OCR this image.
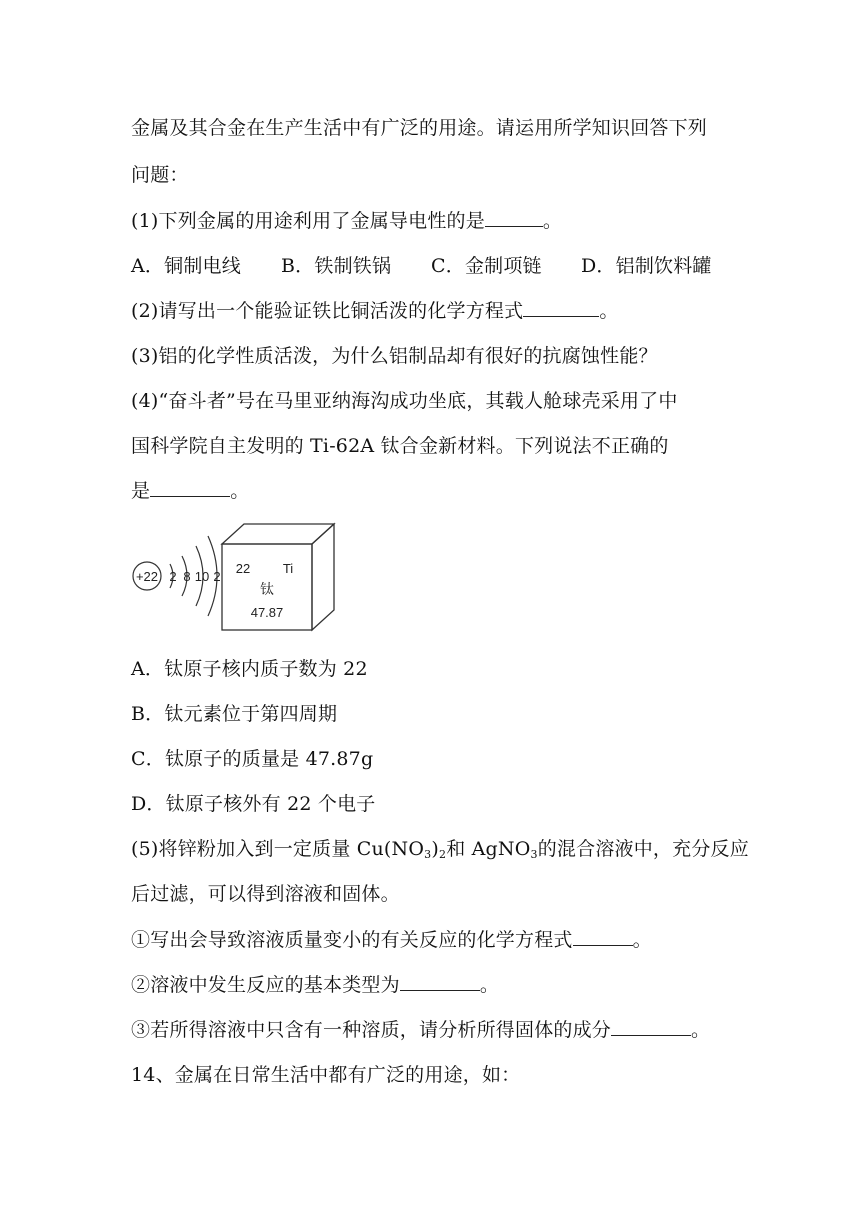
金属及其合金在生产生活中有广泛的用途。请运用所学知识回答下列
问题：
(1)下列金属的用途利用了金属导电性的是	。
A．铜制电线 B．铁制铁锅 C．金制项链 D．铝制饮料罐
(2)请写出一个能验证铁比铜活泼的化学方程式	。
(3)铝的化学性质活泼，为什么铝制品却有很好的抗腐蚀性能？
(4)“奋斗者”号在马里亚纳海沟成功坐底，其载人舱球壳采用了中
国科学院自主发明的 Ti-62A 钛合金新材料。下列说法不正确的
是	。
+22 2 8 10 2
22	Ti
钛
47.87
A．钛原子核内质子数为 22
B．钛元素位于第四周期
C．钛原子的质量是 47.87g
D．钛原子核外有 22 个电子
(5)将锌粉加入到一定质量 $Cu(NO_3)_2$和 AgNO$_3$的混合溶液中，充分反应
后过滤，可以得到溶液和固体。
①写出会导致溶液质量变小的有关反应的化学方程式	。
②溶液中发生反应的基本类型为	。
③若所得溶液中只含有一种溶质，请分析所得固体的成分	。
14、金属在日常生活中都有广泛的用途，如：
